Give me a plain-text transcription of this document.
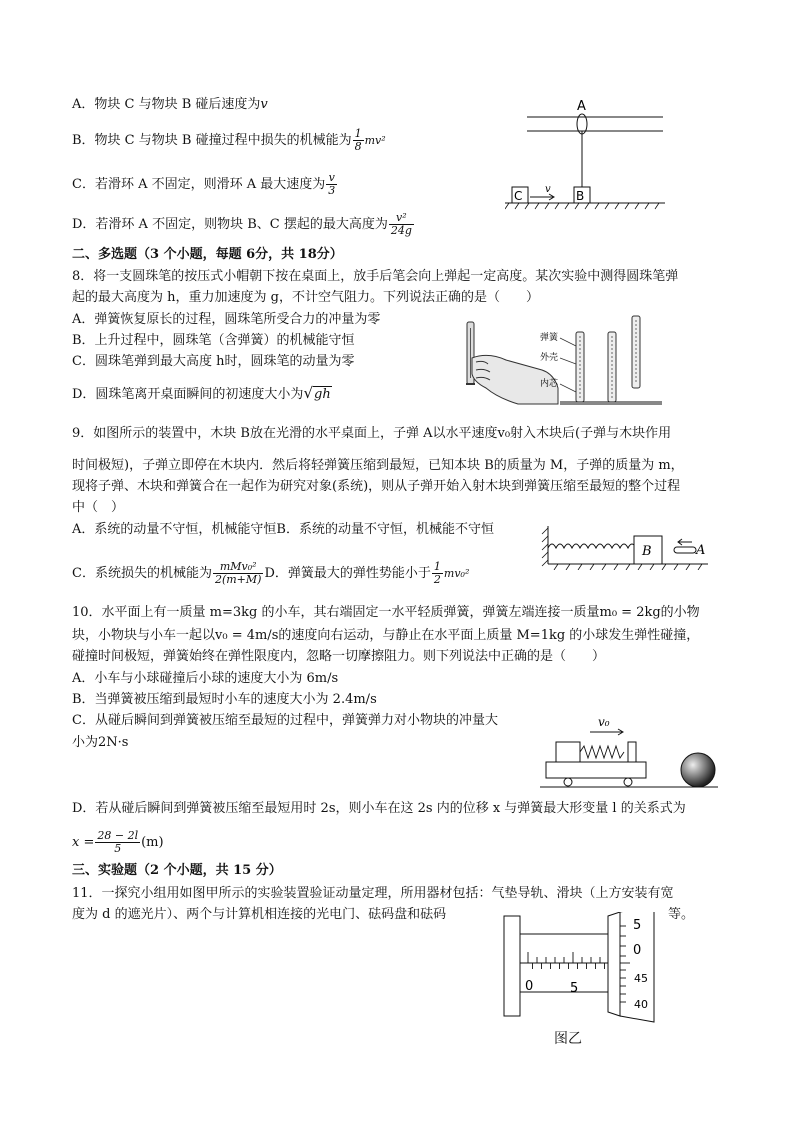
A．物块 C 与物块 B 碰后速度为v
B．物块 C 与物块 B 碰撞过程中损失的机械能为 $\frac{1}{8} mv^2$
C．若滑环 A 不固定，则滑环 A 最大速度为 $\frac{v}{3}$
D．若滑环 A 不固定，则物块 B、C 摆起的最大高度为 $\frac{\text{v²}}{24g}$
A
B
C v
二、多选题（3 个小题，每题 6分，共 18分）
8．将一支圆珠笔的按压式小帽朝下按在桌面上，放手后笔会向上弹起一定高度。某次实验中测得圆珠笔弹
起的最大高度为 h，重力加速度为 g，不计空气阻力。下列说法正确的是（　　）
A．弹簧恢复原长的过程，圆珠笔所受合力的冲量为零
B．上升过程中，圆珠笔（含弹簧）的机械能守恒
C．圆珠笔弹到最大高度 h时，圆珠笔的动量为零
D．圆珠笔离开桌面瞬间的初速度大小为√gh
弹簧
外壳
内芯
9．如图所示的装置中，木块 B放在光滑的水平桌面上，子弹 A以水平速度v₀射入木块后(子弹与木块作用
时间极短)，子弹立即停在木块内．然后将轻弹簧压缩到最短，已知本块 B的质量为 M，子弹的质量为 m，
现将子弹、木块和弹簧合在一起作为研究对象(系统)，则从子弹开始入射木块到弹簧压缩至最短的整个过程
中（　）
A．系统的动量不守恒，机械能守恒B．系统的动量不守恒，机械能不守恒
C．系统损失的机械能为 $\frac{\text{mMv₀²}}{2(m+M)}$ D．弹簧最大的弹性势能小于 $\frac{1}{2} mv_0^2$
B	A
10．水平面上有一质量 m=3kg 的小车，其右端固定一水平轻质弹簧，弹簧左端连接一质量m₀ = 2kg的小物
块，小物块与小车一起以v₀ = 4m/s的速度向右运动，与静止在水平面上质量 M=1kg 的小球发生弹性碰撞，
碰撞时间极短，弹簧始终在弹性限度内，忽略一切摩擦阻力。则下列说法中正确的是（　　）
A．小车与小球碰撞后小球的速度大小为 6m/s
B．当弹簧被压缩到最短时小车的速度大小为 2.4m/s
C．从碰后瞬间到弹簧被压缩至最短的过程中，弹簧弹力对小物块的冲量大
小为2N·s
D．若从碰后瞬间到弹簧被压缩至最短用时 2s，则小车在这 2s 内的位移 x 与弹簧最大形变量 l 的关系式为
$x = \frac{28 - 2l}{5} (m)$
v₀
三、实验题（2 个小题，共 15 分）
11．一探究小组用如图甲所示的实验装置验证动量定理，所用器材包括：气垫导轨、滑块（上方安装有宽
度为 d 的遮光片）、两个与计算机相连接的光电门、砝码盘和砝码	等。
0	5
5
0
45
40
图乙
